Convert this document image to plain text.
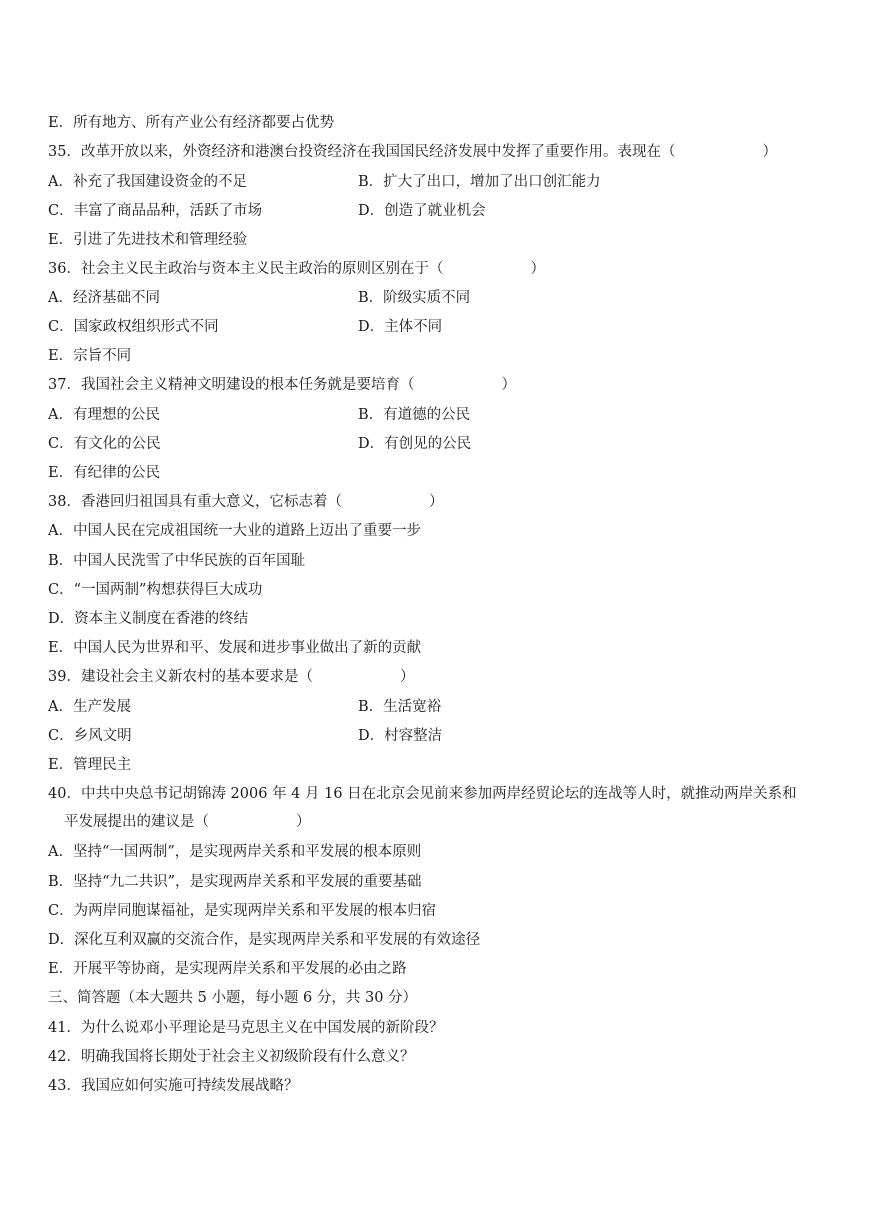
E．所有地方、所有产业公有经济都要占优势
35．改革开放以来，外资经济和港澳台投资经济在我国国民经济发展中发挥了重要作用。表现在（　　　　　　）
A．补充了我国建设资金的不足	B．扩大了出口，增加了出口创汇能力
C．丰富了商品品种，活跃了市场	D．创造了就业机会
E．引进了先进技术和管理经验
36．社会主义民主政治与资本主义民主政治的原则区别在于（　　　　　　）
A．经济基础不同	B．阶级实质不同
C．国家政权组织形式不同	D．主体不同
E．宗旨不同
37．我国社会主义精神文明建设的根本任务就是要培育（　　　　　　）
A．有理想的公民	B．有道德的公民
C．有文化的公民	D．有创见的公民
E．有纪律的公民
38．香港回归祖国具有重大意义，它标志着（　　　　　　）
A．中国人民在完成祖国统一大业的道路上迈出了重要一步
B．中国人民洗雪了中华民族的百年国耻
C．“一国两制”构想获得巨大成功
D．资本主义制度在香港的终结
E．中国人民为世界和平、发展和进步事业做出了新的贡献
39．建设社会主义新农村的基本要求是（　　　　　　）
A．生产发展	B．生活宽裕
C．乡风文明	D．村容整洁
E．管理民主
40．中共中央总书记胡锦涛 2006 年 4 月 16 日在北京会见前来参加两岸经贸论坛的连战等人时，就推动两岸关系和
平发展提出的建议是（　　　　　　）
A．坚持“一国两制”，是实现两岸关系和平发展的根本原则
B．坚持“九二共识”，是实现两岸关系和平发展的重要基础
C．为两岸同胞谋福祉，是实现两岸关系和平发展的根本归宿
D．深化互利双赢的交流合作，是实现两岸关系和平发展的有效途径
E．开展平等协商，是实现两岸关系和平发展的必由之路
三、简答题（本大题共 5 小题，每小题 6 分，共 30 分）
41．为什么说邓小平理论是马克思主义在中国发展的新阶段？
42．明确我国将长期处于社会主义初级阶段有什么意义？
43．我国应如何实施可持续发展战略？
